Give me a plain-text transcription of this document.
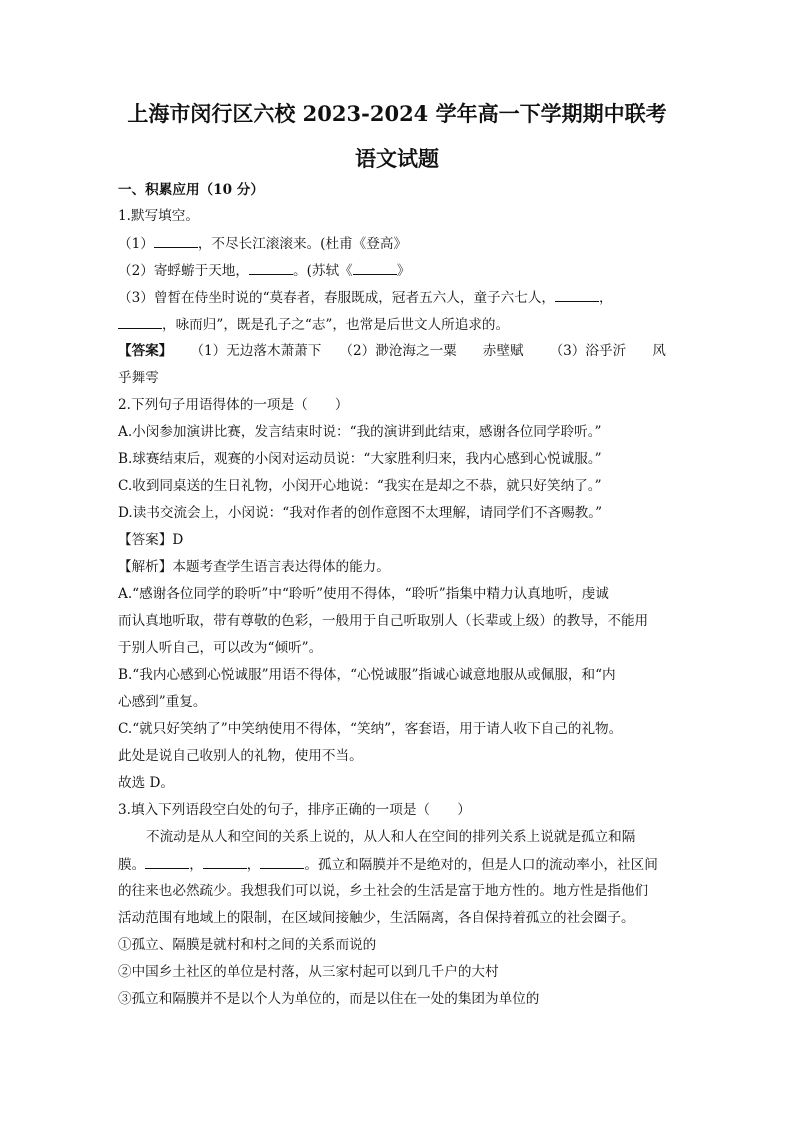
上海市闵行区六校 2023-2024 学年高一下学期期中联考
语文试题
一、积累应用（10 分）
1.默写填空。
（1）	，不尽长江滚滚来。(杜甫《登高》
（2）寄蜉蝣于天地，	。(苏轼《	》
（3）曾皙在侍坐时说的“莫春者，春服既成，冠者五六人，童子六七人，	，
，咏而归”，既是孔子之“志”，也常是后世文人所追求的。
【答案】 （1）无边落木萧萧下 （2）渺沧海之一粟 赤壁赋 （3）浴乎沂 风
乎舞雩
2.下列句子用语得体的一项是（　　）
A.小闵参加演讲比赛，发言结束时说：“我的演讲到此结束，感谢各位同学聆听。”
B.球赛结束后，观赛的小闵对运动员说：“大家胜利归来，我内心感到心悦诚服。”
C.收到同桌送的生日礼物，小闵开心地说：“我实在是却之不恭，就只好笑纳了。”
D.读书交流会上，小闵说：“我对作者的创作意图不太理解，请同学们不吝赐教。”
【答案】D
【解析】本题考查学生语言表达得体的能力。
A.“感谢各位同学的聆听”中“聆听”使用不得体，“聆听”指集中精力认真地听，虔诚
而认真地听取，带有尊敬的色彩，一般用于自己听取别人（长辈或上级）的教导，不能用
于别人听自己，可以改为“倾听”。
B.“我内心感到心悦诚服”用语不得体，“心悦诚服”指诚心诚意地服从或佩服，和“内
心感到”重复。
C.“就只好笑纳了”中笑纳使用不得体，“笑纳”，客套语，用于请人收下自己的礼物。
此处是说自己收别人的礼物，使用不当。
故选 D。
3.填入下列语段空白处的句子，排序正确的一项是（　　）
不流动是从人和空间的关系上说的，从人和人在空间的排列关系上说就是孤立和隔
膜。	，	，	。孤立和隔膜并不是绝对的，但是人口的流动率小，社区间
的往来也必然疏少。我想我们可以说，乡土社会的生活是富于地方性的。地方性是指他们
活动范围有地域上的限制，在区域间接触少，生活隔离，各自保持着孤立的社会圈子。
①孤立、隔膜是就村和村之间的关系而说的
②中国乡土社区的单位是村落，从三家村起可以到几千户的大村
③孤立和隔膜并不是以个人为单位的，而是以住在一处的集团为单位的
